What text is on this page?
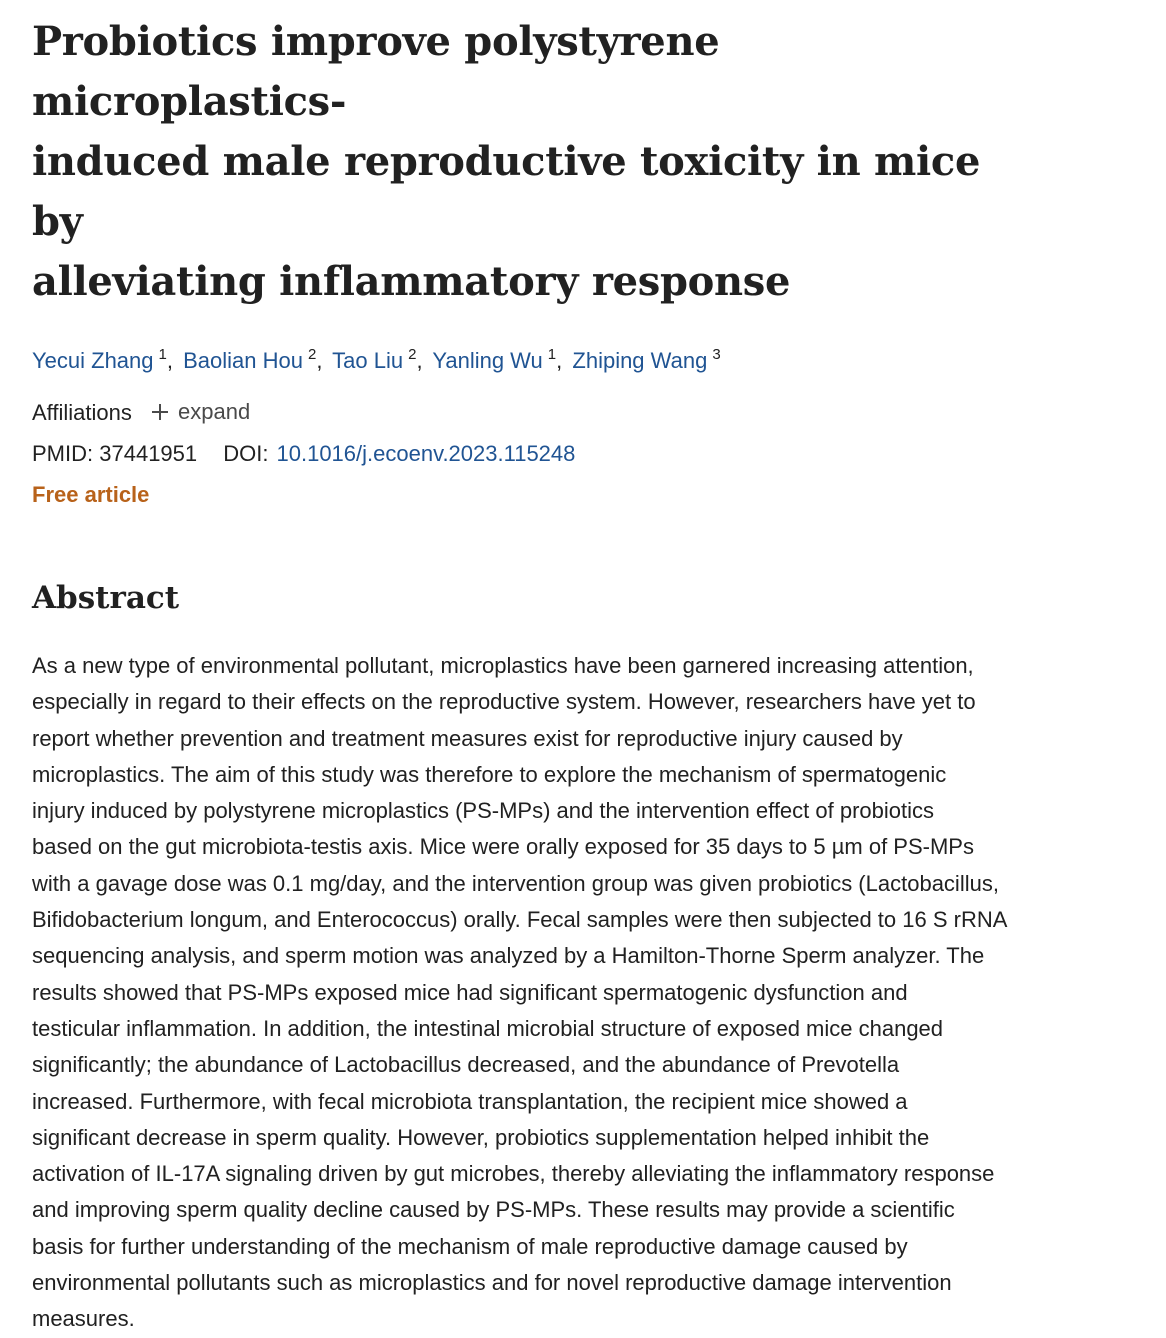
Probiotics improve polystyrene microplastics-
induced male reproductive toxicity in mice by
alleviating inflammatory response
Yecui Zhang $^1$, Baolian Hou $^2$, Tao Liu $^2$, Yanling Wu $^1$, Zhiping Wang $^3$
Affiliations expand
PMID: 37441951 DOI: 10.1016/j.ecoenv.2023.115248
Free article
Abstract
As a new type of environmental pollutant, microplastics have been garnered increasing attention,
especially in regard to their effects on the reproductive system. However, researchers have yet to
report whether prevention and treatment measures exist for reproductive injury caused by
microplastics. The aim of this study was therefore to explore the mechanism of spermatogenic
injury induced by polystyrene microplastics (PS-MPs) and the intervention effect of probiotics
based on the gut microbiota-testis axis. Mice were orally exposed for 35 days to 5 µm of PS-MPs
with a gavage dose was 0.1 mg/day, and the intervention group was given probiotics (Lactobacillus,
Bifidobacterium longum, and Enterococcus) orally. Fecal samples were then subjected to 16 S rRNA
sequencing analysis, and sperm motion was analyzed by a Hamilton-Thorne Sperm analyzer. The
results showed that PS-MPs exposed mice had significant spermatogenic dysfunction and
testicular inflammation. In addition, the intestinal microbial structure of exposed mice changed
significantly; the abundance of Lactobacillus decreased, and the abundance of Prevotella
increased. Furthermore, with fecal microbiota transplantation, the recipient mice showed a
significant decrease in sperm quality. However, probiotics supplementation helped inhibit the
activation of IL-17A signaling driven by gut microbes, thereby alleviating the inflammatory response
and improving sperm quality decline caused by PS-MPs. These results may provide a scientific
basis for further understanding of the mechanism of male reproductive damage caused by
environmental pollutants such as microplastics and for novel reproductive damage intervention
measures.
